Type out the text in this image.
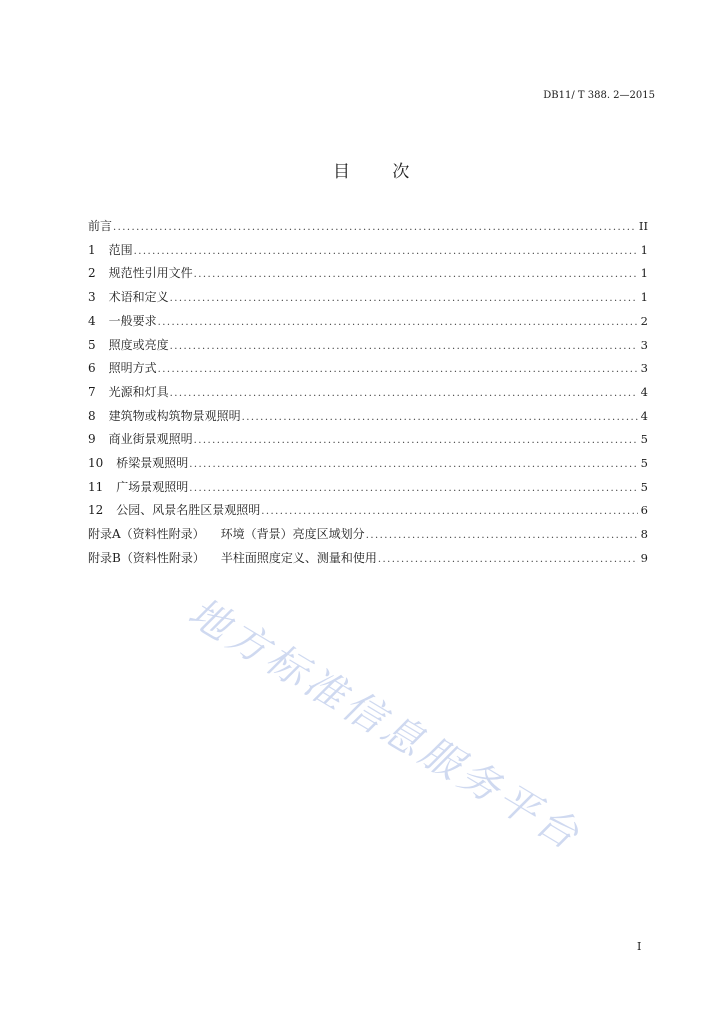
DB11/ T 388. 2—2015
目 次
前言 .....	II
1 范围 .....	1
2 规范性引用文件 .....	1
3 术语和定义 .....	1
4 一般要求 .....	2
5 照度或亮度 .....	3
6 照明方式 .....	3
7 光源和灯具 .....	4
8 建筑物或构筑物景观照明 .....	4
9 商业街景观照明 .....	5
10 桥梁景观照明 .....	5
11 广场景观照明 .....	5
12 公园、风景名胜区景观照明 .....	6
附录A（资料性附录） 环境（背景）亮度区域划分 .....	8
附录B（资料性附录） 半柱面照度定义、测量和使用 .....	9
地方标准信息服务平台
I
